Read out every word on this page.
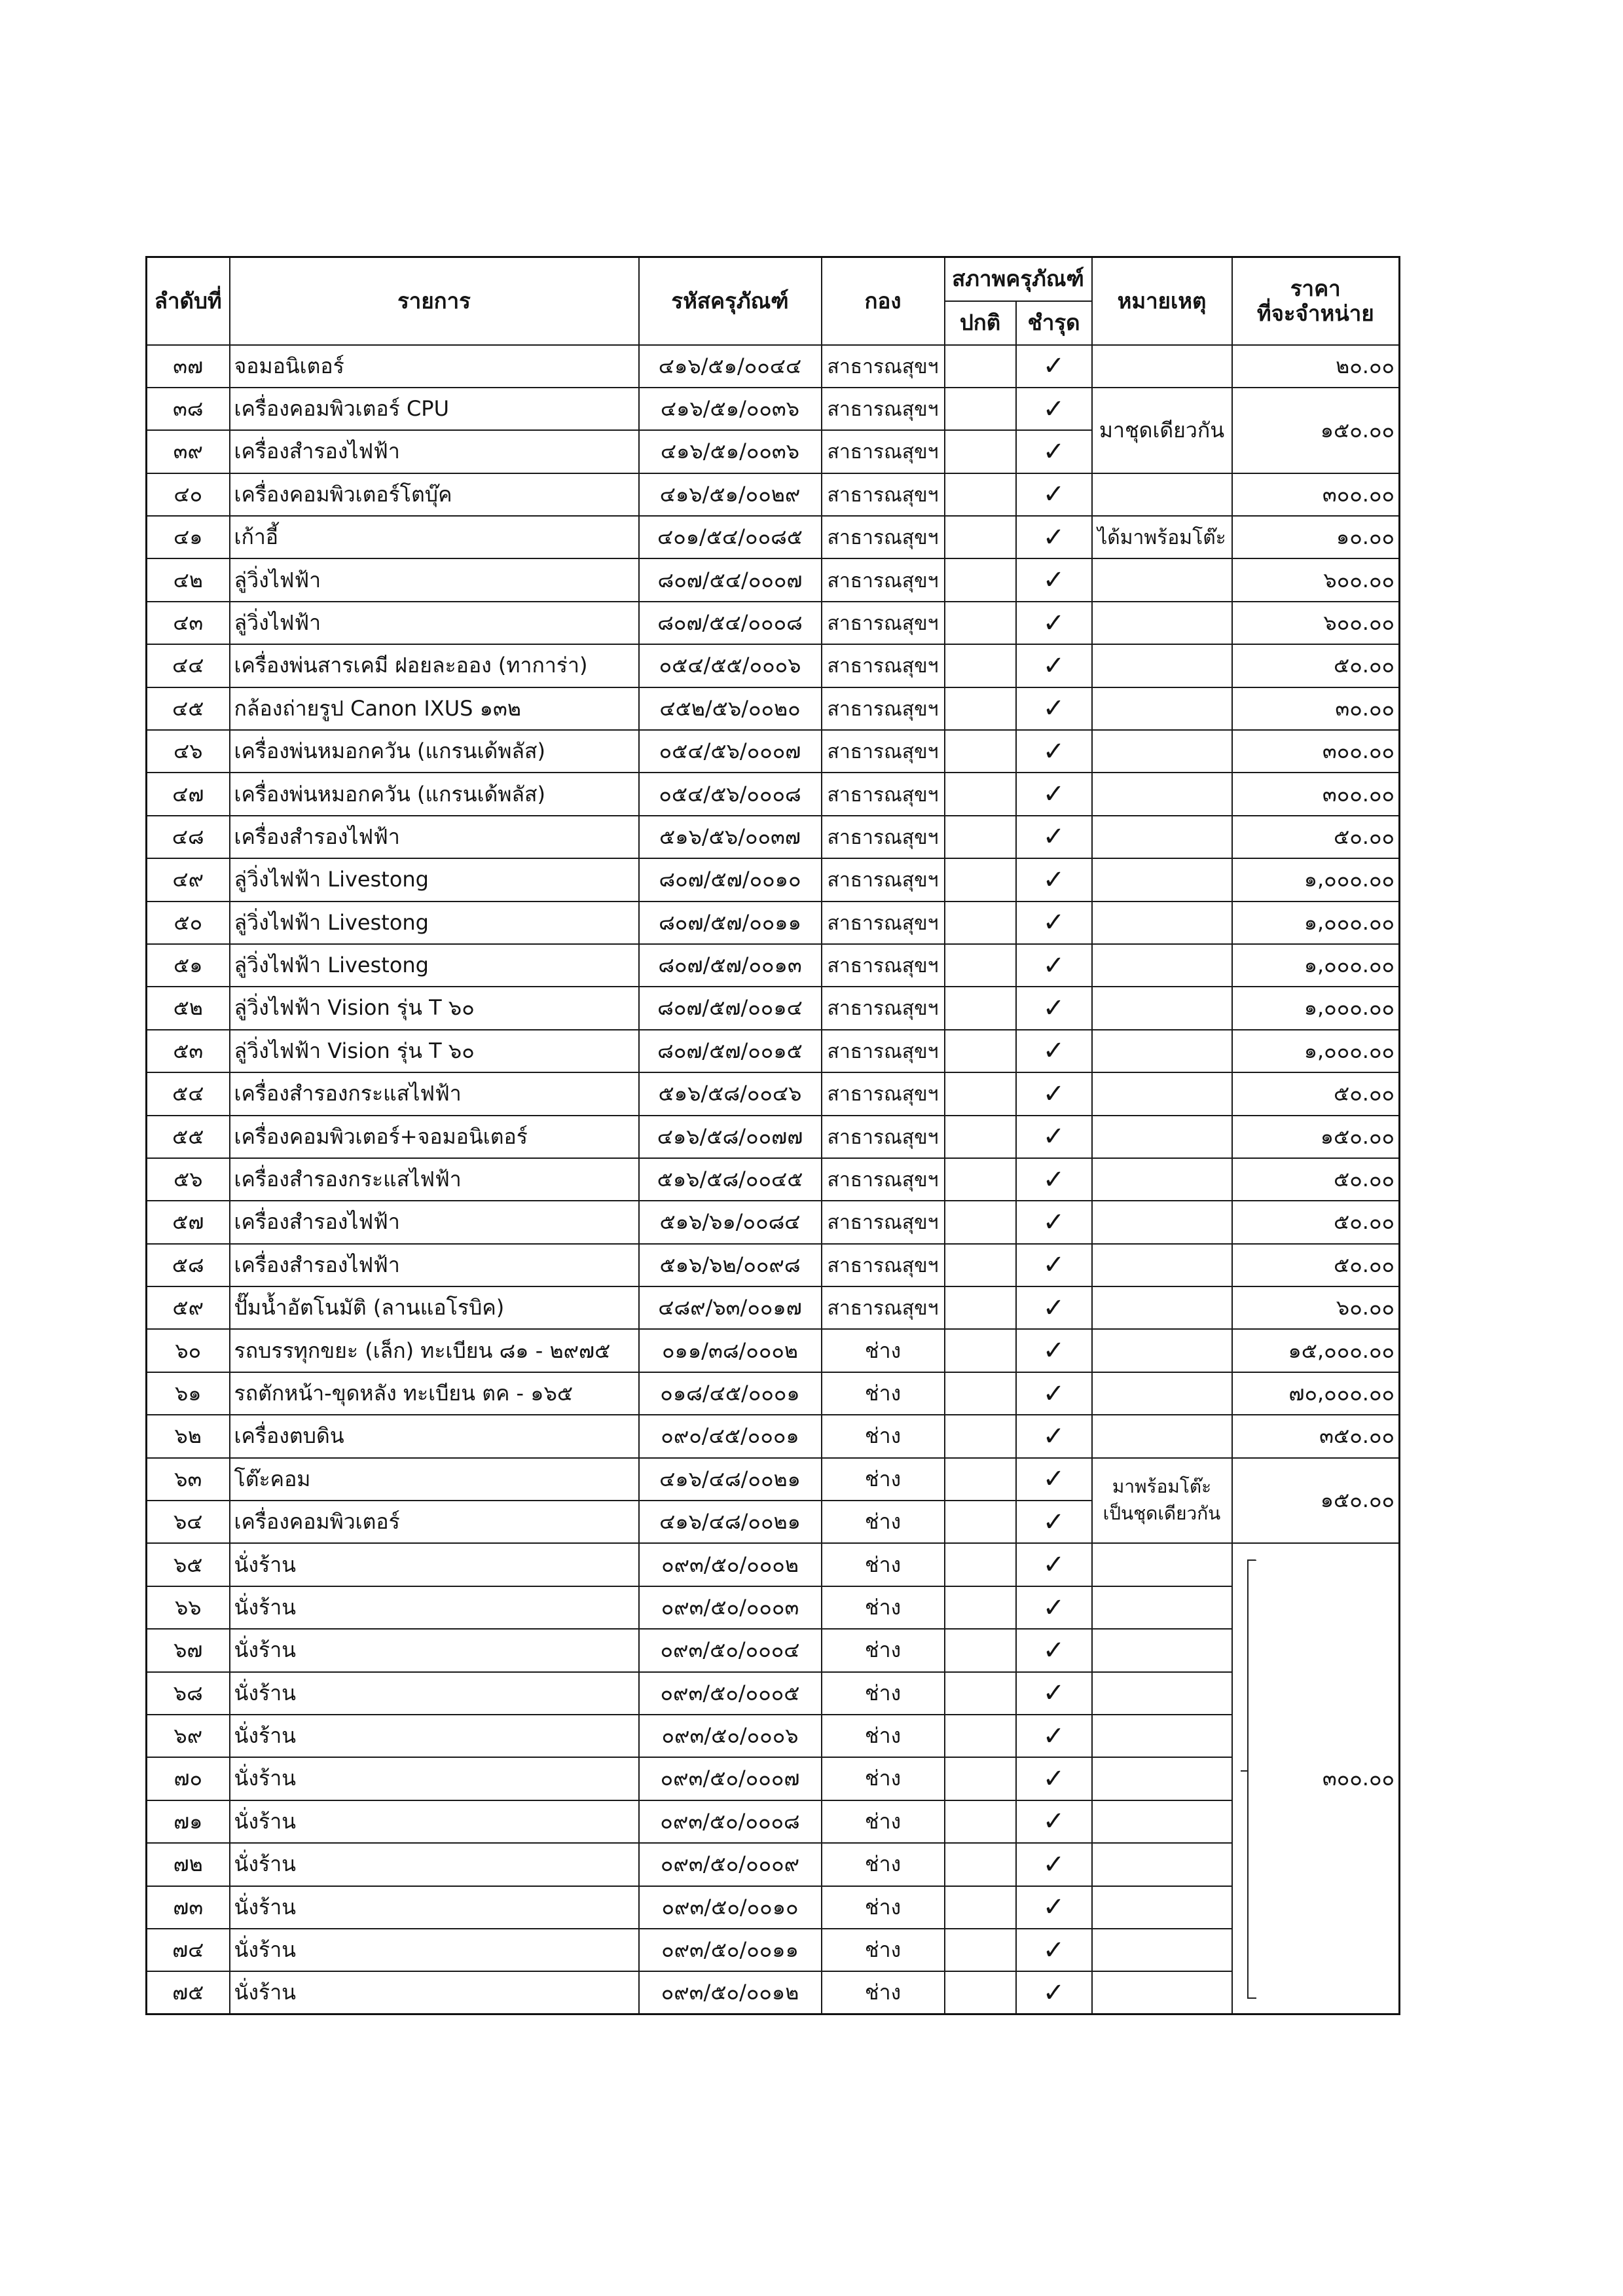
ลำดับที่	รายการ	รหัสครุภัณฑ์	กอง	สภาพครุภัณฑ์		หมายเหตุ	ราคา
ที่จะจำหน่าย
				ปกติ	ชำรุด		
๓๗	จอมอนิเตอร์	๔๑๖/๕๑/๐๐๔๔	สาธารณสุขฯ		✓		๒๐.๐๐
๓๘	เครื่องคอมพิวเตอร์ CPU	๔๑๖/๕๑/๐๐๓๖	สาธารณสุขฯ		✓	มาชุดเดียวกัน	๑๕๐.๐๐
๓๙	เครื่องสำรองไฟฟ้า	๔๑๖/๕๑/๐๐๓๖	สาธารณสุขฯ		✓		
๔๐	เครื่องคอมพิวเตอร์โตบุ๊ค	๔๑๖/๕๑/๐๐๒๙	สาธารณสุขฯ		✓		๓๐๐.๐๐
๔๑	เก้าอี้	๔๐๑/๕๔/๐๐๘๕	สาธารณสุขฯ		✓	ได้มาพร้อมโต๊ะ	๑๐.๐๐
๔๒	ลู่วิ่งไฟฟ้า	๘๐๗/๕๔/๐๐๐๗	สาธารณสุขฯ		✓		๖๐๐.๐๐
๔๓	ลู่วิ่งไฟฟ้า	๘๐๗/๕๔/๐๐๐๘	สาธารณสุขฯ		✓		๖๐๐.๐๐
๔๔	เครื่องพ่นสารเคมี ฝอยละออง (ทาการ่า)	๐๕๔/๕๕/๐๐๐๖	สาธารณสุขฯ		✓		๕๐.๐๐
๔๕	กล้องถ่ายรูป Canon IXUS ๑๓๒	๔๕๒/๕๖/๐๐๒๐	สาธารณสุขฯ		✓		๓๐.๐๐
๔๖	เครื่องพ่นหมอกควัน (แกรนเด้พลัส)	๐๕๔/๕๖/๐๐๐๗	สาธารณสุขฯ		✓		๓๐๐.๐๐
๔๗	เครื่องพ่นหมอกควัน (แกรนเด้พลัส)	๐๕๔/๕๖/๐๐๐๘	สาธารณสุขฯ		✓		๓๐๐.๐๐
๔๘	เครื่องสำรองไฟฟ้า	๕๑๖/๕๖/๐๐๓๗	สาธารณสุขฯ		✓		๕๐.๐๐
๔๙	ลู่วิ่งไฟฟ้า Livestong	๘๐๗/๕๗/๐๐๑๐	สาธารณสุขฯ		✓		๑,๐๐๐.๐๐
๕๐	ลู่วิ่งไฟฟ้า Livestong	๘๐๗/๕๗/๐๐๑๑	สาธารณสุขฯ		✓		๑,๐๐๐.๐๐
๕๑	ลู่วิ่งไฟฟ้า Livestong	๘๐๗/๕๗/๐๐๑๓	สาธารณสุขฯ		✓		๑,๐๐๐.๐๐
๕๒	ลู่วิ่งไฟฟ้า Vision รุ่น T ๖๐	๘๐๗/๕๗/๐๐๑๔	สาธารณสุขฯ		✓		๑,๐๐๐.๐๐
๕๓	ลู่วิ่งไฟฟ้า Vision รุ่น T ๖๐	๘๐๗/๕๗/๐๐๑๕	สาธารณสุขฯ		✓		๑,๐๐๐.๐๐
๕๔	เครื่องสำรองกระแสไฟฟ้า	๕๑๖/๕๘/๐๐๔๖	สาธารณสุขฯ		✓		๕๐.๐๐
๕๕	เครื่องคอมพิวเตอร์+จอมอนิเตอร์	๔๑๖/๕๘/๐๐๗๗	สาธารณสุขฯ		✓		๑๕๐.๐๐
๕๖	เครื่องสำรองกระแสไฟฟ้า	๕๑๖/๕๘/๐๐๔๕	สาธารณสุขฯ		✓		๕๐.๐๐
๕๗	เครื่องสำรองไฟฟ้า	๕๑๖/๖๑/๐๐๘๔	สาธารณสุขฯ		✓		๕๐.๐๐
๕๘	เครื่องสำรองไฟฟ้า	๕๑๖/๖๒/๐๐๙๘	สาธารณสุขฯ		✓		๕๐.๐๐
๕๙	ปั๊มน้ำอัตโนมัติ (ลานแอโรบิค)	๔๘๙/๖๓/๐๐๑๗	สาธารณสุขฯ		✓		๖๐.๐๐
๖๐	รถบรรทุกขยะ (เล็ก) ทะเบียน ๘๑ - ๒๙๗๕	๐๑๑/๓๘/๐๐๐๒	ช่าง		✓		๑๕,๐๐๐.๐๐
๖๑	รถตักหน้า-ขุดหลัง ทะเบียน ตค - ๑๖๕	๐๑๘/๔๕/๐๐๐๑	ช่าง		✓		๗๐,๐๐๐.๐๐
๖๒	เครื่องตบดิน	๐๙๐/๔๕/๐๐๐๑	ช่าง		✓		๓๕๐.๐๐
๖๓	โต๊ะคอม	๔๑๖/๔๘/๐๐๒๑	ช่าง		✓	มาพร้อมโต๊ะ
เป็นชุดเดียวกัน	๑๕๐.๐๐
๖๔	เครื่องคอมพิวเตอร์	๔๑๖/๔๘/๐๐๒๑	ช่าง		✓		
๖๕	นั่งร้าน	๐๙๓/๕๐/๐๐๐๒	ช่าง		✓		๓๐๐.๐๐

๖๖	นั่งร้าน	๐๙๓/๕๐/๐๐๐๓	ช่าง		✓		
๖๗	นั่งร้าน	๐๙๓/๕๐/๐๐๐๔	ช่าง		✓		
๖๘	นั่งร้าน	๐๙๓/๕๐/๐๐๐๕	ช่าง		✓		
๖๙	นั่งร้าน	๐๙๓/๕๐/๐๐๐๖	ช่าง		✓		
๗๐	นั่งร้าน	๐๙๓/๕๐/๐๐๐๗	ช่าง		✓		
๗๑	นั่งร้าน	๐๙๓/๕๐/๐๐๐๘	ช่าง		✓		
๗๒	นั่งร้าน	๐๙๓/๕๐/๐๐๐๙	ช่าง		✓		
๗๓	นั่งร้าน	๐๙๓/๕๐/๐๐๑๐	ช่าง		✓		
๗๔	นั่งร้าน	๐๙๓/๕๐/๐๐๑๑	ช่าง		✓		
๗๕	นั่งร้าน	๐๙๓/๕๐/๐๐๑๒	ช่าง		✓		
